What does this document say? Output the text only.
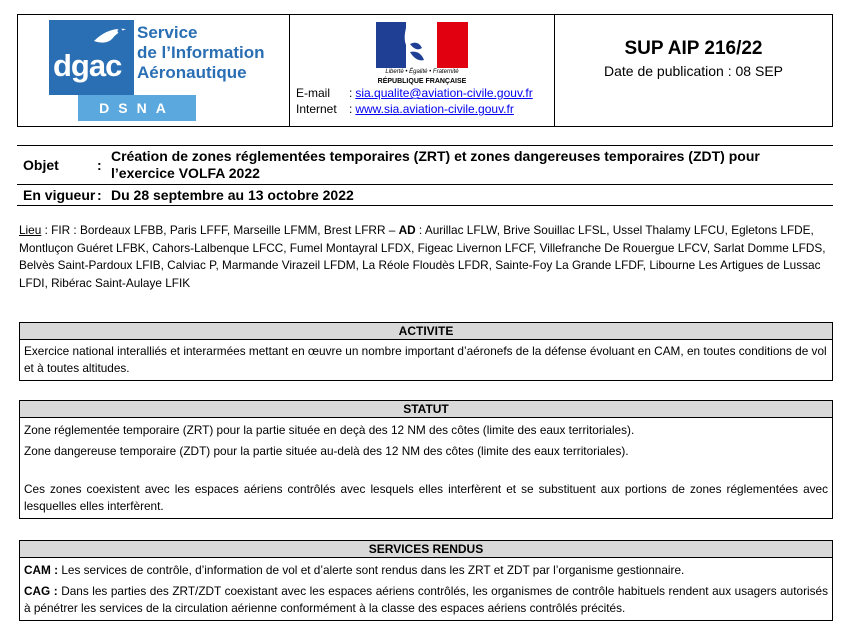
dgac
DSNA
Service
de l’Information
Aéronautique	Liberté • Égalité • Fraternité
RÉPUBLIQUE FRANÇAISE
E-mail	: sia.qualite@aviation-civile.gouv.fr
Internet	: www.sia.aviation-civile.gouv.fr
SUP AIP 216/22
Date de publication : 08 SEP
Objet	:
Création de zones réglementées temporaires (ZRT) et zones dangereuses temporaires (ZDT) pour
l’exercice VOLFA 2022
En vigueur : Du 28 septembre au 13 octobre 2022
Lieu : FIR : Bordeaux LFBB, Paris LFFF, Marseille LFMM, Brest LFRR – AD : Aurillac LFLW, Brive Souillac LFSL, Ussel Thalamy LFCU, Egletons LFDE, Montluçon Guéret LFBK, Cahors-Lalbenque LFCC, Fumel Montayral LFDX, Figeac Livernon LFCF, Villefranche De Rouergue LFCV, Sarlat Domme LFDS, Belvès Saint-Pardoux LFIB, Calviac P, Marmande Virazeil LFDM, La Réole Floudès LFDR, Sainte-Foy La Grande LFDF, Libourne Les Artigues de Lussac LFDI, Ribérac Saint-Aulaye LFIK
ACTIVITE

Exercice national interalliés et interarmées mettant en œuvre un nombre important d’aéronefs de la défense évoluant en CAM, en toutes conditions de vol et à toutes altitudes.

STATUT

Zone réglementée temporaire (ZRT) pour la partie située en deçà des 12 NM des côtes (limite des eaux territoriales).

Zone dangereuse temporaire (ZDT) pour la partie située au-delà des 12 NM des côtes (limite des eaux territoriales).

Ces zones coexistent avec les espaces aériens contrôlés avec lesquels elles interfèrent et se substituent aux portions de zones réglementées avec lesquelles elles interfèrent.

SERVICES RENDUS

CAM : Les services de contrôle, d’information de vol et d’alerte sont rendus dans les ZRT et ZDT par l’organisme gestionnaire.

CAG : Dans les parties des ZRT/ZDT coexistant avec les espaces aériens contrôlés, les organismes de contrôle habituels rendent aux usagers autorisés à pénétrer les services de la circulation aérienne conformément à la classe des espaces aériens contrôlés précités.
